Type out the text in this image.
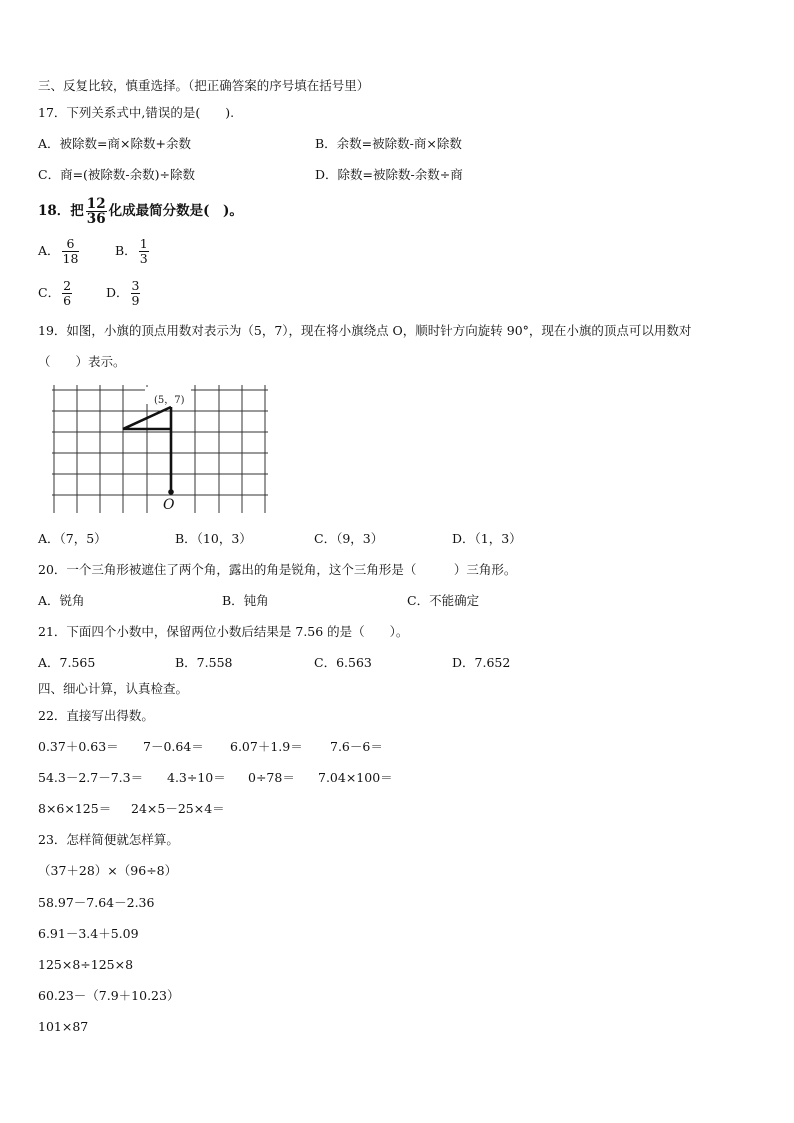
三、反复比较，慎重选择。（把正确答案的序号填在括号里）
17．下列关系式中,错误的是(　　).
A．被除数=商×除数+余数	B．余数=被除数-商×除数
C．商=(被除数-余数)÷除数	D．除数=被除数-余数÷商
18．把 $\frac{12}{36}$ 化成最简分数是(　)。
A． $\frac{6}{18}$	B． $\frac{1}{3}$
C． $\frac{2}{6}$	D． $\frac{3}{9}$
19．如图，小旗的顶点用数对表示为（5，7），现在将小旗绕点 O，顺时针方向旋转 90°，现在小旗的顶点可以用数对
（　　）表示。
(5，7)
O
A．（7，5）	B．（10，3）	C．（9，3）	D．（1，3）
20．一个三角形被遮住了两个角，露出的角是锐角，这个三角形是（　　　）三角形。
A．锐角	B．钝角	C．不能确定
21．下面四个小数中，保留两位小数后结果是 7.56 的是（　　）。
A．7.565	B．7.558	C．6.563	D．7.652
四、细心计算，认真检查。
22．直接写出得数。
0.37＋0.63＝ 7－0.64＝ 6.07＋1.9＝ 7.6－6＝
54.3－2.7－7.3＝ 4.3÷10＝ 0÷78＝ 7.04×100＝
8×6×125＝ 24×5－25×4＝
23．怎样简便就怎样算。
（37＋28）×（96÷8）
58.97－7.64－2.36
6.91－3.4＋5.09
125×8÷125×8
60.23－（7.9＋10.23）
101×87
